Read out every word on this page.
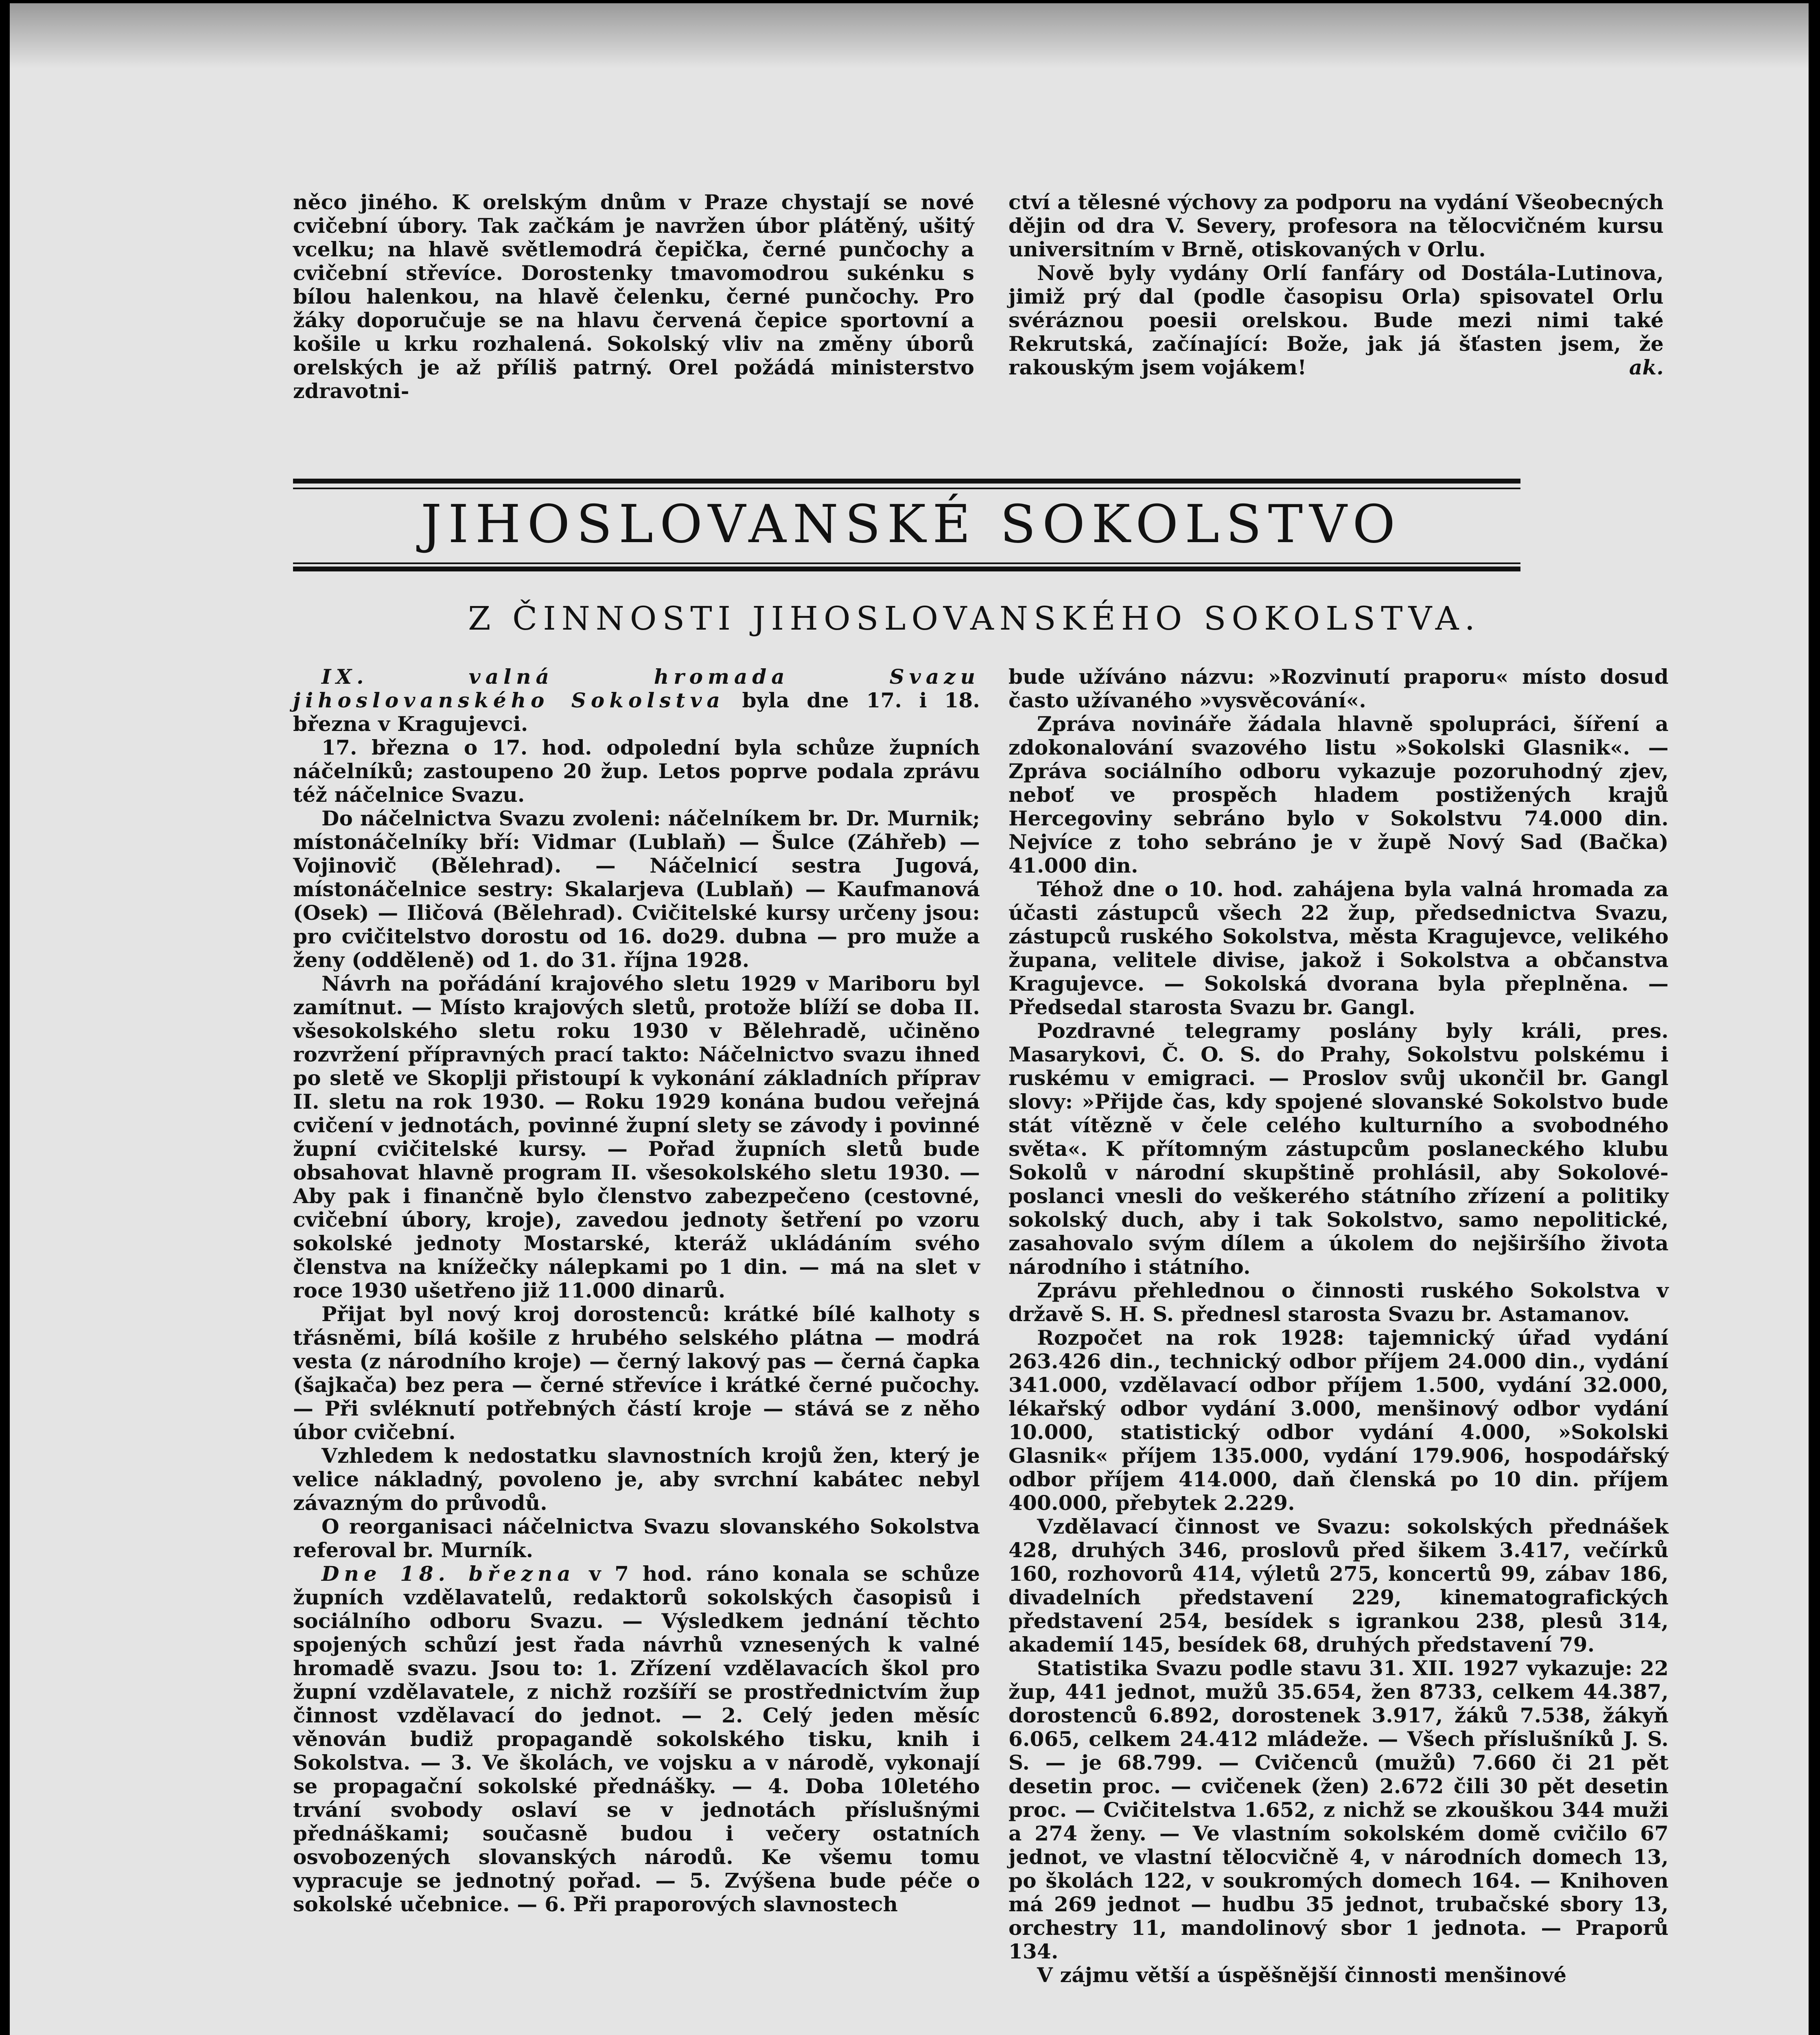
něco jiného. K orelským dnům v Praze chystají se nové cvičební úbory. Tak začkám je navržen úbor plátěný, ušitý vcelku; na hlavě světlemodrá čepička, černé punčochy a cvičební střevíce. Dorostenky tmavomodrou sukénku s bílou halenkou, na hlavě čelenku, černé punčochy. Pro žáky doporučuje se na hlavu červená čepice sportovní a košile u krku rozhalená. Sokolský vliv na změny úborů orelských je až příliš patrný. Orel požádá ministerstvo zdravotni-

ctví a tělesné výchovy za podporu na vydání Všeobecných dějin od dra V. Severy, profesora na tělocvičném kursu universitním v Brně, otiskovaných v Orlu.

Nově byly vydány Orlí fanfáry od Dostála-Lutinova, jimiž prý dal (podle časopisu Orla) spisovatel Orlu svéráznou poesii orelskou. Bude mezi nimi také Rekrutská, začínající: Bože, jak já šťasten jsem, že rakouským jsem vojákem!	ak.

JIHOSLOVANSKÉ SOKOLSTVO
Z ČINNOSTI JIHOSLOVANSKÉHO SOKOLSTVA.

IX. valná hromada Svazu jihoslovanského Sokolstva byla dne 17. i 18. března v Kragujevci.

17. března o 17. hod. odpolední byla schůze župních náčelníků; zastoupeno 20 žup. Letos poprve podala zprávu též náčelnice Svazu.

Do náčelnictva Svazu zvoleni: náčelníkem br. Dr. Murnik; místonáčelníky bří: Vidmar (Lublaň) — Šulce (Záhřeb) — Vojinovič (Bělehrad). — Náčelnicí sestra Jugová, místonáčelnice sestry: Skalarjeva (Lublaň) — Kaufmanová (Osek) — Iličová (Bělehrad). Cvičitelské kursy určeny jsou: pro cvičitelstvo dorostu od 16. do29. dubna — pro muže a ženy (odděleně) od 1. do 31. října 1928.

Návrh na pořádání krajového sletu 1929 v Mariboru byl zamítnut. — Místo krajových sletů, protože blíží se doba II. všesokolského sletu roku 1930 v Bělehradě, učiněno rozvržení přípravných prací takto: Náčelnictvo svazu ihned po sletě ve Skoplji přistoupí k vykonání základních příprav II. sletu na rok 1930. — Roku 1929 konána budou veřejná cvičení v jednotách, povinné župní slety se závody i povinné župní cvičitelské kursy. — Pořad župních sletů bude obsahovat hlavně program II. všesokolského sletu 1930. — Aby pak i finančně bylo členstvo zabezpečeno (cestovné, cvičební úbory, kroje), zavedou jednoty šetření po vzoru sokolské jednoty Mostarské, kteráž ukládáním svého členstva na knížečky nálepkami po 1 din. — má na slet v roce 1930 ušetřeno již 11.000 dinarů.

Přijat byl nový kroj dorostenců: krátké bílé kalhoty s třásněmi, bílá košile z hrubého selského plátna — modrá vesta (z národního kroje) — černý lakový pas — černá čapka (šajkača) bez pera — černé střevíce i krátké černé pučochy. — Při svléknutí potřebných částí kroje — stává se z něho úbor cvičební.

Vzhledem k nedostatku slavnostních krojů žen, který je velice nákladný, povoleno je, aby svrchní kabátec nebyl závazným do průvodů.

O reorganisaci náčelnictva Svazu slovanského Sokolstva referoval br. Murník.

Dne 18. března v 7 hod. ráno konala se schůze župních vzdělavatelů, redaktorů sokolských časopisů i sociálního odboru Svazu. — Výsledkem jednání těchto spojených schůzí jest řada návrhů vznesených k valné hromadě svazu. Jsou to: 1. Zřízení vzdělavacích škol pro župní vzdělavatele, z nichž rozšíří se prostřednictvím žup činnost vzdělavací do jednot. — 2. Celý jeden měsíc věnován budiž propagandě sokolského tisku, knih i Sokolstva. — 3. Ve školách, ve vojsku a v národě, vykonají se propagační sokolské přednášky. — 4. Doba 10letého trvání svobody oslaví se v jednotách příslušnými přednáškami; současně budou i večery ostatních osvobozených slovanských národů. Ke všemu tomu vypracuje se jednotný pořad. — 5. Zvýšena bude péče o sokolské učebnice. — 6. Při praporových slavnostech

bude užíváno názvu: »Rozvinutí praporu« místo dosud často užívaného »vysvěcování«.

Zpráva novináře žádala hlavně spolupráci, šíření a zdokonalování svazového listu »Sokolski Glasnik«. — Zpráva sociálního odboru vykazuje pozoruhodný zjev, neboť ve prospěch hladem postižených krajů Hercegoviny sebráno bylo v Sokolstvu 74.000 din. Nejvíce z toho sebráno je v župě Nový Sad (Bačka) 41.000 din.

Téhož dne o 10. hod. zahájena byla valná hromada za účasti zástupců všech 22 žup, předsednictva Svazu, zástupců ruského Sokolstva, města Kragujevce, velikého župana, velitele divise, jakož i Sokolstva a občanstva Kragujevce. — Sokolská dvorana byla přeplněna. — Předsedal starosta Svazu br. Gangl.

Pozdravné telegramy poslány byly králi, pres. Masarykovi, Č. O. S. do Prahy, Sokolstvu polskému i ruskému v emigraci. — Proslov svůj ukončil br. Gangl slovy: »Přijde čas, kdy spojené slovanské Sokolstvo bude stát vítězně v čele celého kulturního a svobodného světa«. K přítomným zástupcům poslaneckého klubu Sokolů v národní skupštině prohlásil, aby Sokolové-poslanci vnesli do veškerého státního zřízení a politiky sokolský duch, aby i tak Sokolstvo, samo nepolitické, zasahovalo svým dílem a úkolem do nejširšího života národního i státního.

Zprávu přehlednou o činnosti ruského Sokolstva v državě S. H. S. přednesl starosta Svazu br. Astamanov.

Rozpočet na rok 1928: tajemnický úřad vydání 263.426 din., technický odbor příjem 24.000 din., vydání 341.000, vzdělavací odbor příjem 1.500, vydání 32.000, lékařský odbor vydání 3.000, menšinový odbor vydání 10.000, statistický odbor vydání 4.000, »Sokolski Glasnik« příjem 135.000, vydání 179.906, hospodářský odbor příjem 414.000, daň členská po 10 din. příjem 400.000, přebytek 2.229.

Vzdělavací činnost ve Svazu: sokolských přednášek 428, druhých 346, proslovů před šikem 3.417, večírků 160, rozhovorů 414, výletů 275, koncertů 99, zábav 186, divadelních představení 229, kinematografických představení 254, besídek s igrankou 238, plesů 314, akademií 145, besídek 68, druhých představení 79.

Statistika Svazu podle stavu 31. XII. 1927 vykazuje: 22 žup, 441 jednot, mužů 35.654, žen 8733, celkem 44.387, dorostenců 6.892, dorostenek 3.917, žáků 7.538, žákyň 6.065, celkem 24.412 mládeže. — Všech příslušníků J. S. S. — je 68.799. — Cvičenců (mužů) 7.660 či 21 pět desetin proc. — cvičenek (žen) 2.672 čili 30 pět desetin proc. — Cvičitelstva 1.652, z nichž se zkouškou 344 muži a 274 ženy. — Ve vlastním sokolském domě cvičilo 67 jednot, ve vlastní tělocvičně 4, v národních domech 13, po školách 122, v soukromých domech 164. — Knihoven má 269 jednot — hudbu 35 jednot, trubačské sbory 13, orchestry 11, mandolinový sbor 1 jednota. — Praporů 134.

V zájmu větší a úspěšnější činnosti menšinové
